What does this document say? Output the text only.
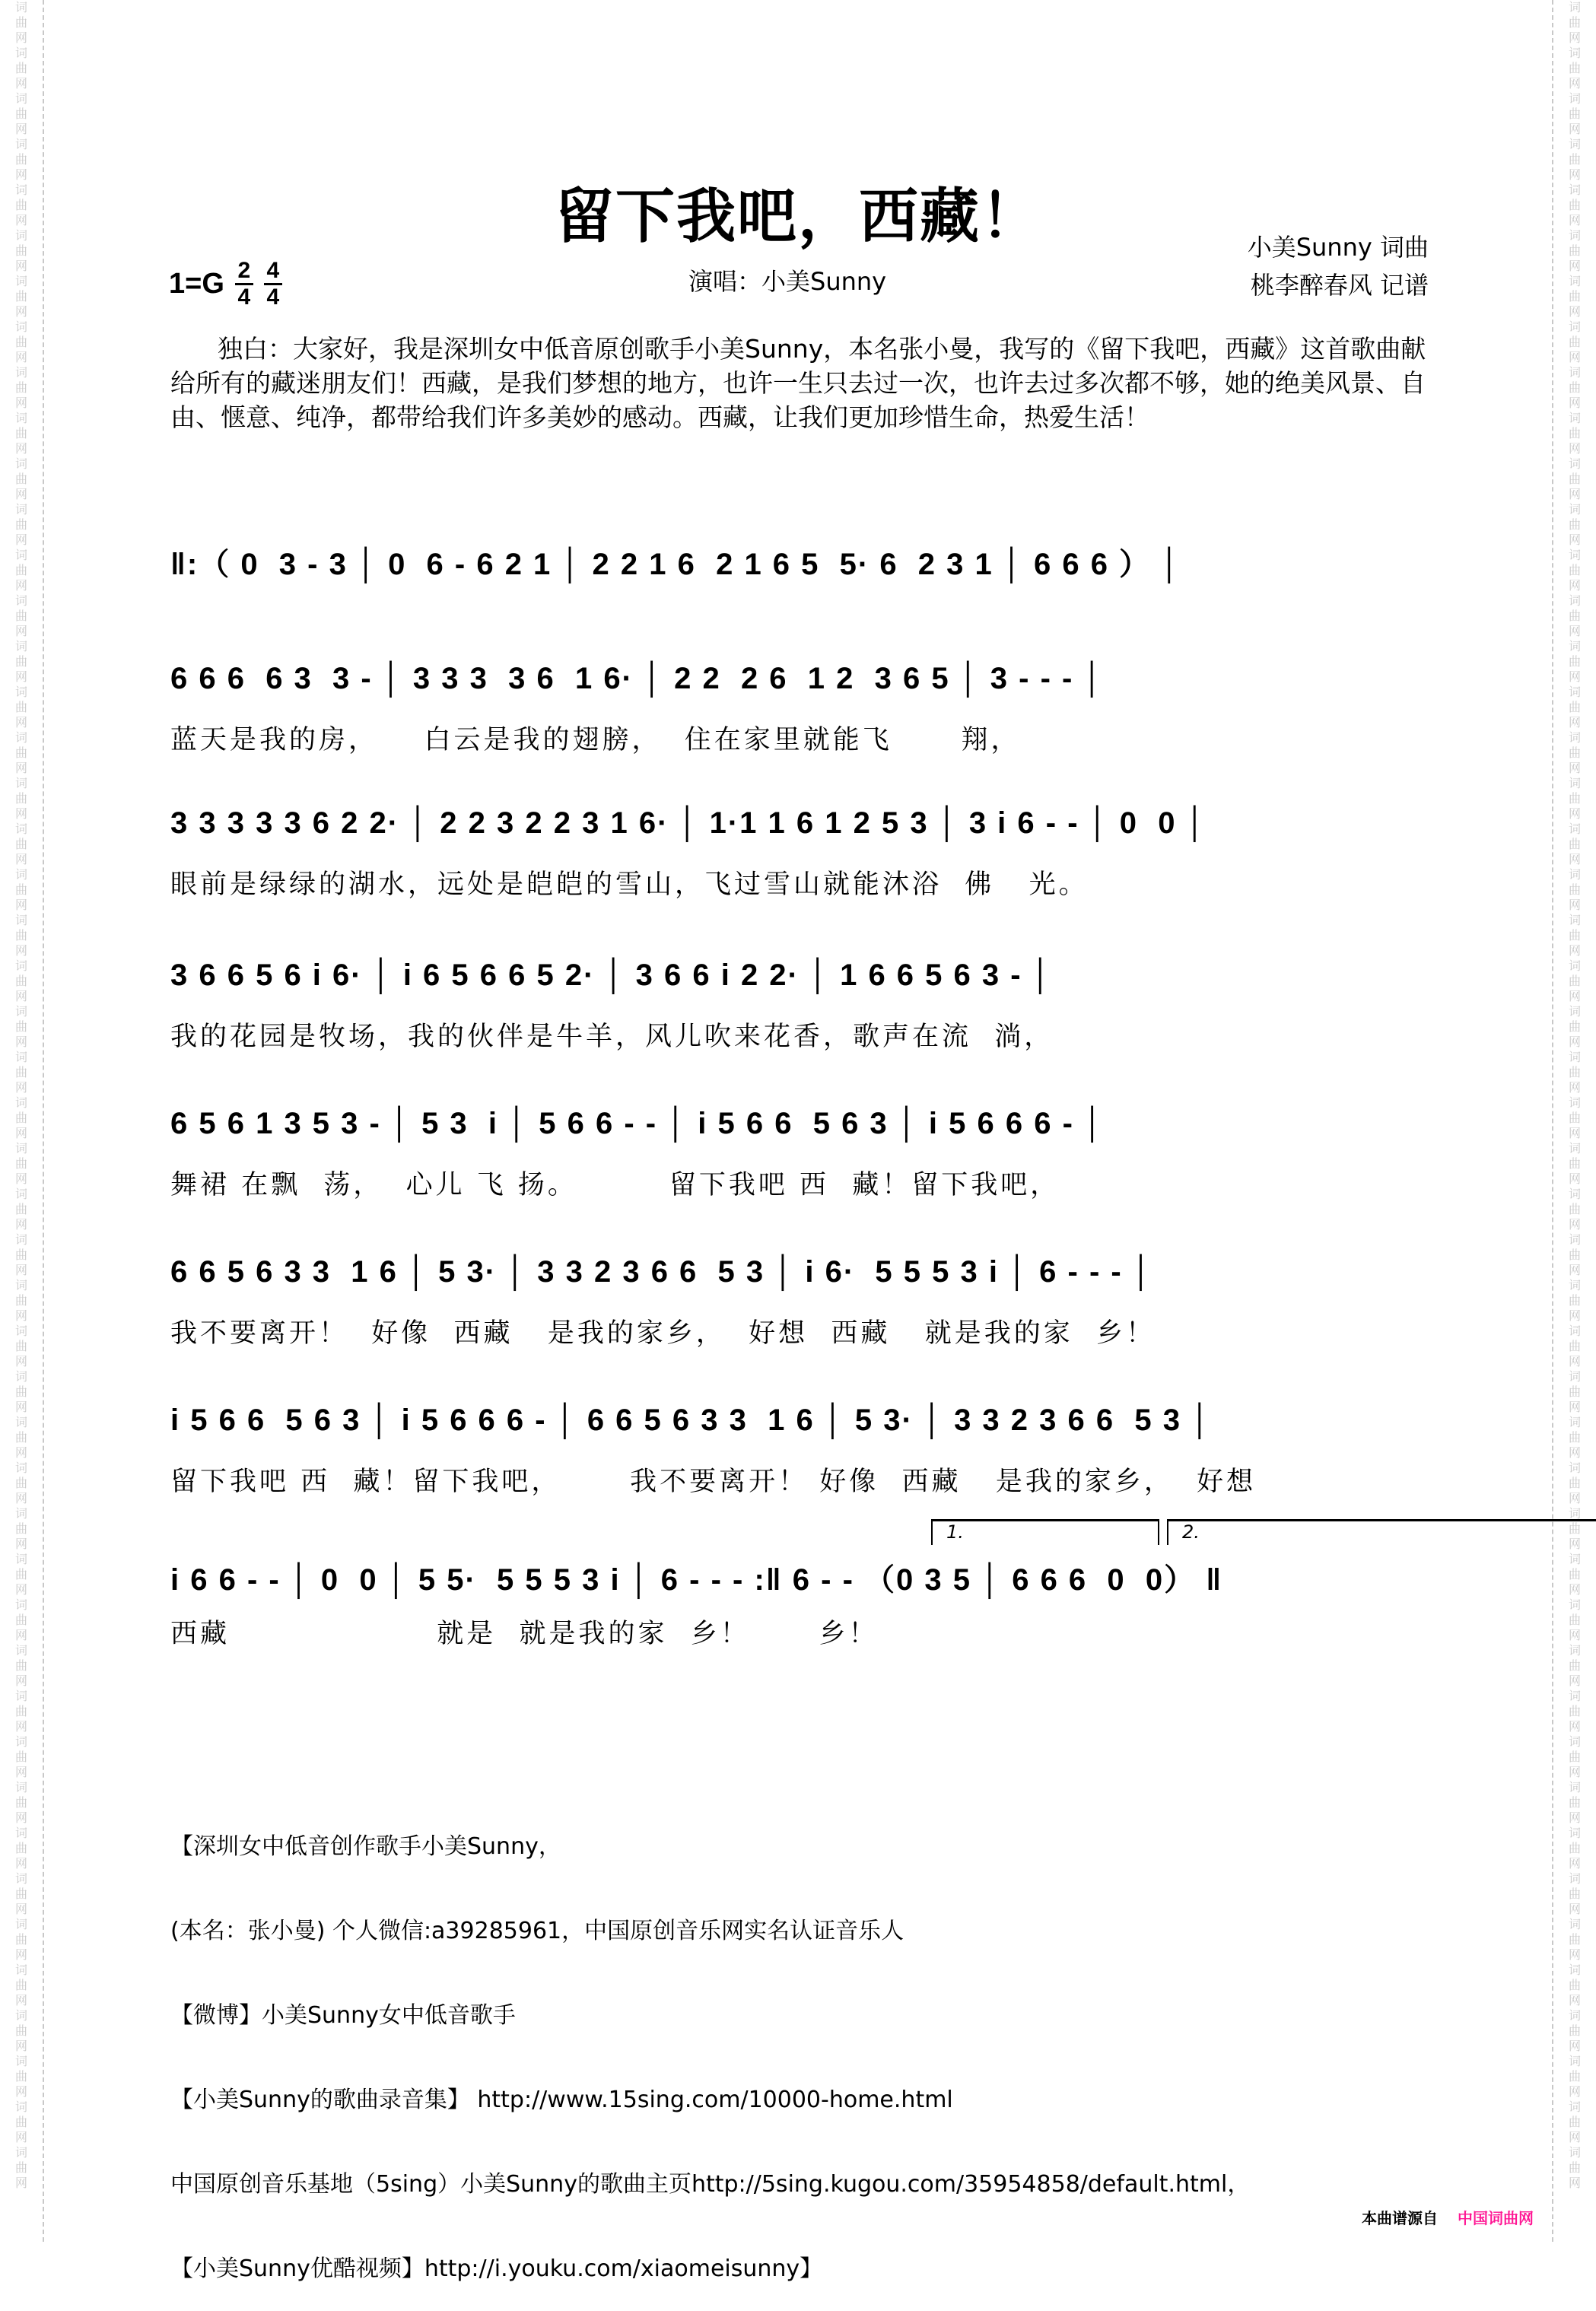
词
曲
网
词
曲
网
词
曲
网
词
曲
网
词
曲
网
词
曲
网
词
曲
网
词
曲
网
词
曲
网
词
曲
网
词
曲
网
词
曲
网
词
曲
网
词
曲
网
词
曲
网
词
曲
网
词
曲
网
词
曲
网
词
曲
网
词
曲
网
词
曲
网
词
曲
网
词
曲
网
词
曲
网
词
曲
网
词
曲
网
词
曲
网
词
曲
网
词
曲
网
词
曲
网
词
曲
网
词
曲
网
词
曲
网
词
曲
网
词
曲
网
词
曲
网
词
曲
网
词
曲
网
词
曲
网
词
曲
网
词
曲
网
词
曲
网
词
曲
网
词
曲
网
词
曲
网
词
曲
网
词
曲
网
词
曲
网
词
曲
网
词
曲
网
词
曲
网
词
曲
网
词
曲
网
词
曲
网
词
曲
网
词
曲
网
词
曲
网
词
曲
网
词
曲
网
词
曲
网
词
曲
网
词
曲
网
词
曲
网
词
曲
网
词
曲
网
词
曲
网
词
曲
网
词
曲
网
词
曲
网
词
曲
网
词
曲
网
词
曲
网
词
曲
网
词
曲
网
词
曲
网
词
曲
网
词
曲
网
词
曲
网
词
曲
网
词
曲
网
词
曲
网
词
曲
网
词
曲
网
词
曲
网
词
曲
网
词
曲
网
词
曲
网
词
曲
网
词
曲
网
词
曲
网
词
曲
网
词
曲
网
词
曲
网
词
曲
网
词
曲
网
词
曲
网
留下我吧，西藏！	小美Sunny 词曲
桃李醉春风 记谱
$1=G \frac{2}{4} \frac{4}{4}$	演唱：小美Sunny
独白：大家好，我是深圳女中低音原创歌手小美Sunny，本名张小曼，我写的《留下我吧，西藏》这首歌曲献给所有的藏迷朋友们！西藏，是我们梦想的地方，也许一生只去过一次，也许去过多次都不够，她的绝美风景、自由、惬意、纯净，都带给我们许多美妙的感动。西藏，让我们更加珍惜生命，热爱生活！
‖:（ 0  3 - 3 │ 0  6 - 6 2 1 │ 2 2 1 6  2 1 6 5  5· 6  2 3 1 │ 6 6 6 ） │
6 6 6  6 3  3 - │ 3 3 3  3 6  1 6· │ 2 2  2 6  1 2  3 6 5 │ 3 - - - │
蓝天是我的房，    白云是我的翅膀，  住在家里就能飞      翔，
3 3 3 3 3 6 2 2· │ 2 2 3 2 2 3 1 6· │ 1·1 1 6 1 2 5 3 │ 3 i 6 - - │ 0  0 │
眼前是绿绿的湖水，远处是皑皑的雪山，飞过雪山就能沐浴  佛   光。
3 6 6 5 6 i 6· │ i 6 5 6 6 5 2· │ 3 6 6 i 2 2· │ 1 6 6 5 6 3 - │
我的花园是牧场，我的伙伴是牛羊，风儿吹来花香，歌声在流  淌，
6 5 6 1 3 5 3 - │ 5 3  i │ 5 6 6 - - │ i 5 6 6  5 6 3 │ i 5 6 6 6 - │
舞裙 在飘  荡，  心儿 飞 扬。        留下我吧 西  藏！留下我吧，
6 6 5 6 3 3  1 6 │ 5 3· │ 3 3 2 3 6 6  5 3 │ i 6·  5 5 5 3 i │ 6 - - - │
我不要离开！  好像  西藏   是我的家乡，  好想  西藏   就是我的家  乡！
i 5 6 6  5 6 3 │ i 5 6 6 6 - │ 6 6 5 6 3 3  1 6 │ 5 3· │ 3 3 2 3 6 6  5 3 │
留下我吧 西  藏！留下我吧，      我不要离开！ 好像  西藏   是我的家乡，  好想
i 6 6 - - │ 0  0 │ 5 5·  5 5 5 3 i │ 6 - - - :‖ 6 - - （0 3 5 │ 6 6 6  0  0） ‖
西藏                  就是  就是我的家  乡！      乡！
1.	2.

【深圳女中低音创作歌手小美Sunny，

(本名：张小曼) 个人微信:a39285961，中国原创音乐网实名认证音乐人

【微博】小美Sunny女中低音歌手

【小美Sunny的歌曲录音集】 http://www.15sing.com/10000-home.html

中国原创音乐基地（5sing）小美Sunny的歌曲主页http://5sing.kugou.com/35954858/default.html，

【小美Sunny优酷视频】http://i.youku.com/xiaomeisunny】

本曲谱源自 中国词曲网
